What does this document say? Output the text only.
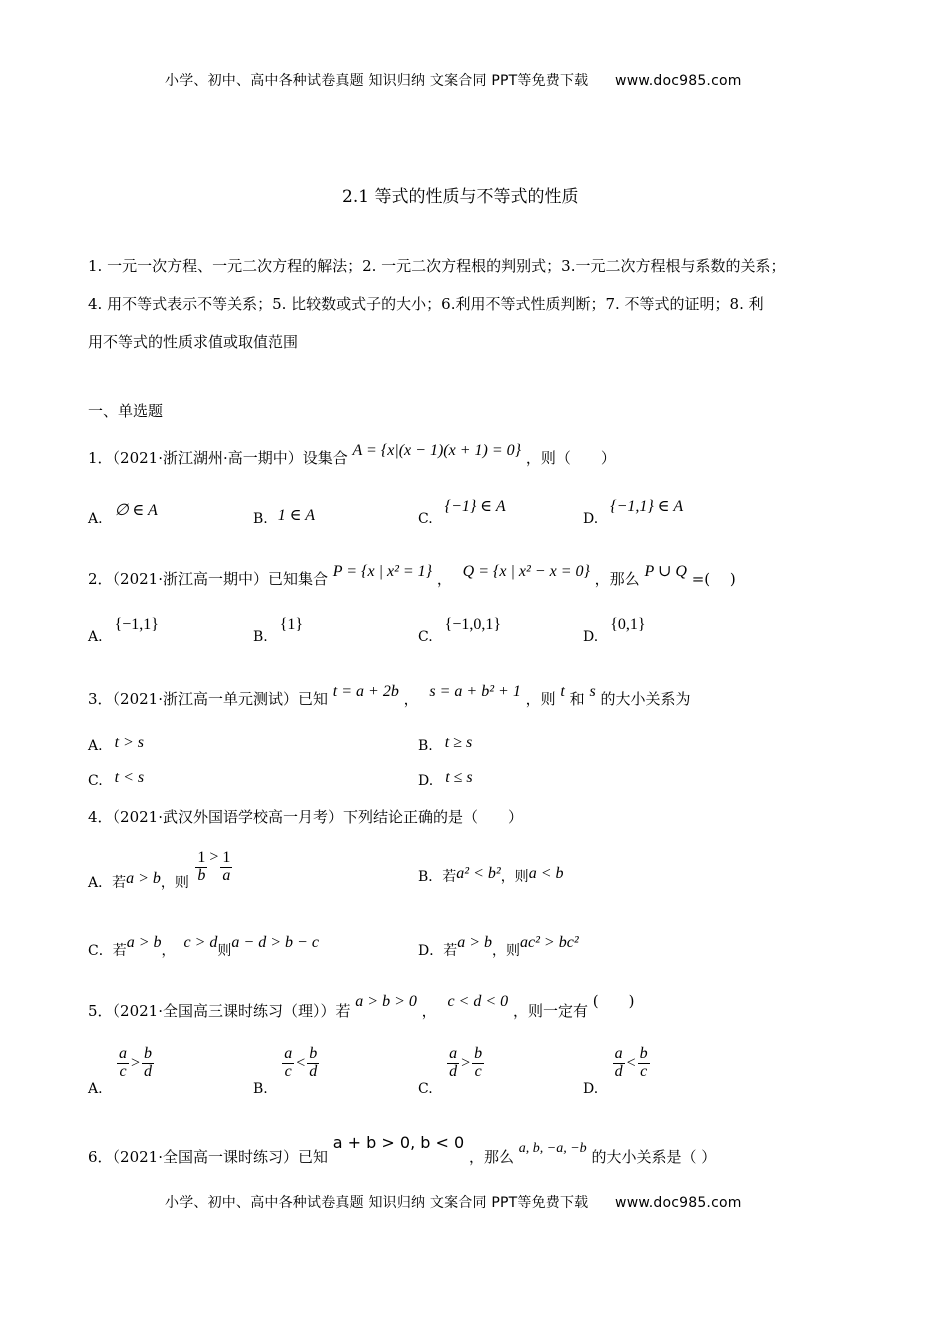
小学、初中、高中各种试卷真题 知识归纳 文案合同 PPT等免费下载 www.doc985.com
2.1 等式的性质与不等式的性质
1. 一元一次方程、一元二次方程的解法；2. 一元二次方程根的判别式；3.一元二次方程根与系数的关系；
4. 用不等式表示不等关系；5. 比较数或式子的大小；6.利用不等式性质判断；7. 不等式的证明；8. 利
用不等式的性质求值或取值范围
一、单选题
1．（2021·浙江湖州·高一期中）设集合 A = {x|(x − 1)(x + 1) = 0} ，则（　　）
A. ∅ ∈ A	B. 1 ∈ A	C.{−1} ∈ A
D.{−1,1} ∈ A
2．（2021·浙江高一期中）已知集合 P = {x | x² = 1} ， Q = {x | x² − x = 0} ，那么 P ∪ Q =(　 )
A.{−1,1}
B.{1}
C.{−1,0,1}
D.{0,1}
3．（2021·浙江高一单元测试）已知 t = a + 2b ， s = a + b² + 1 ，则 t 和 s 的大小关系为
A. t > s	B. t ≥ s
C. t < s	D. t ≤ s
4．（2021·武汉外国语学校高一月考）下列结论正确的是（　　）
A．若a > b，则 $\frac{1}{b} > \frac{1}{a}$	B．若a² < b²，则a < b
C．若a > b， c > d则a − d > b − c	D．若a > b，则ac² > bc²
5．（2021·全国高三课时练习（理））若 a > b > 0 ， c < d < 0 ，则一定有 (　　)
A.
$\frac{a}{c} > \frac{b}{d}$
B.
$\frac{a}{c} < \frac{b}{d}$
C.
$\frac{a}{d} > \frac{b}{c}$
D.
$\frac{a}{d} < \frac{b}{c}$
6．（2021·全国高一课时练习）已知 a + b > 0, b < 0 ，那么 a, b, −a, −b 的大小关系是（ ）
小学、初中、高中各种试卷真题 知识归纳 文案合同 PPT等免费下载 www.doc985.com
